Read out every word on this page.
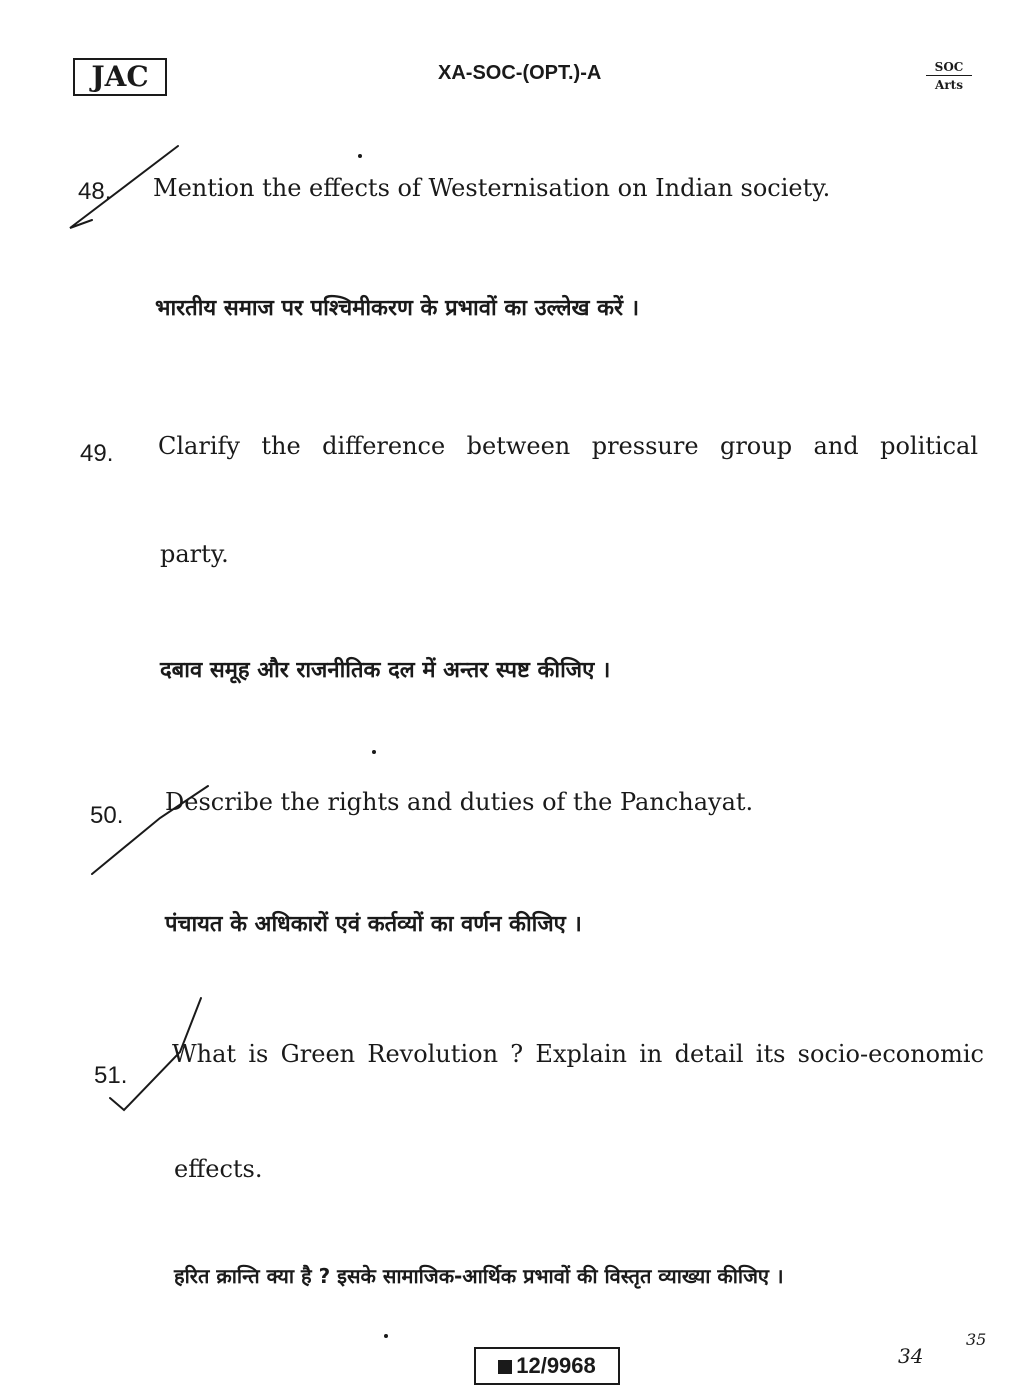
JAC	XA-SOC-(OPT.)-A	SOC
Arts
48. Mention the effects of Westernisation on Indian society.
भारतीय समाज पर पश्चिमीकरण के प्रभावों का उल्लेख करें ।
49. Clarify the difference between pressure group and political
party.
दबाव समूह और राजनीतिक दल में अन्तर स्पष्ट कीजिए ।
50. Describe the rights and duties of the Panchayat.
पंचायत के अधिकारों एवं कर्तव्यों का वर्णन कीजिए ।
51.
What is Green Revolution ? Explain in detail its socio-economic
effects.
हरित क्रान्ति क्या है ? इसके सामाजिक-आर्थिक प्रभावों की विस्तृत व्याख्या कीजिए ।
34
35
12/9968
